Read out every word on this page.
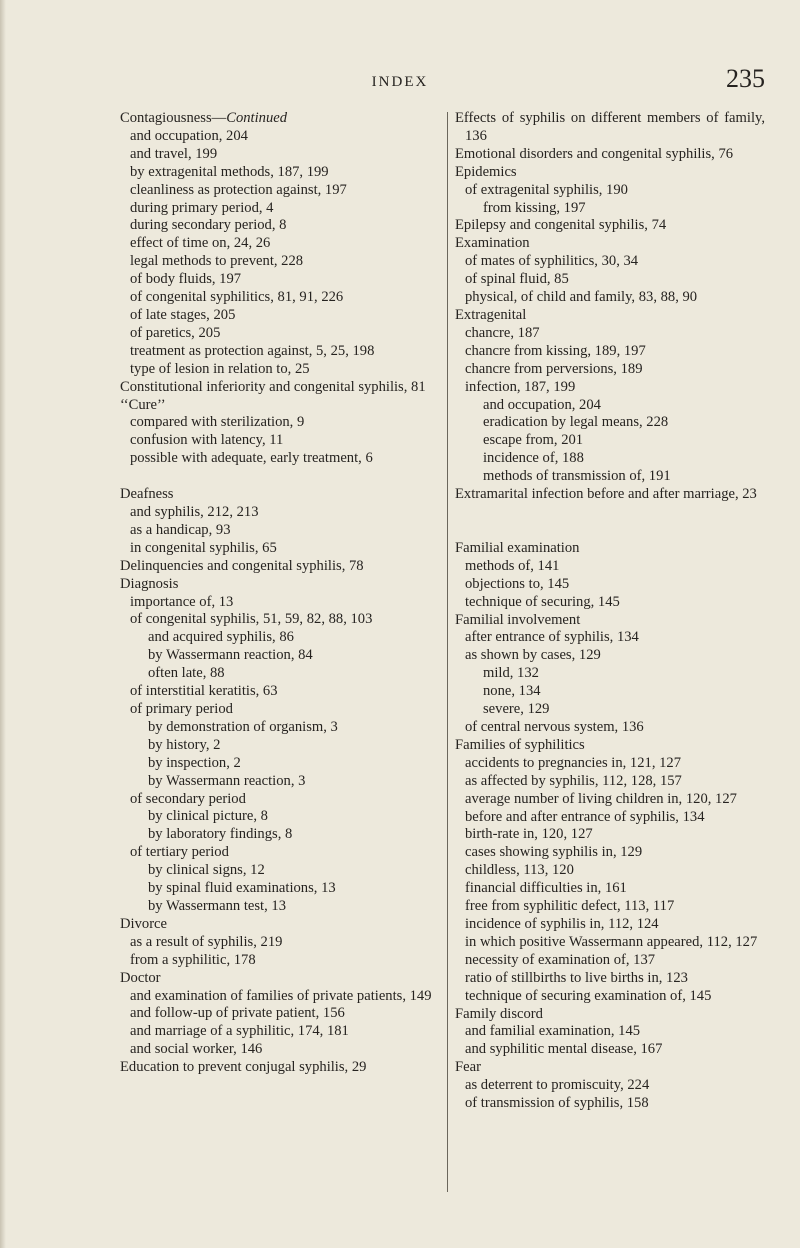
INDEX	235
Contagiousness—Continued
and occupation, 204
and travel, 199
by extragenital methods, 187, 199
cleanliness as protection against, 197
during primary period, 4
during secondary period, 8
effect of time on, 24, 26
legal methods to prevent, 228
of body fluids, 197
of congenital syphilitics, 81, 91, 226
of late stages, 205
of paretics, 205
treatment as protection against, 5, 25, 198
type of lesion in relation to, 25
Constitutional inferiority and congenital syphilis, 81
‘‘Cure’’
compared with sterilization, 9
confusion with latency, 11
possible with adequate, early treatment, 6
Deafness
and syphilis, 212, 213
as a handicap, 93
in congenital syphilis, 65
Delinquencies and congenital syphilis, 78
Diagnosis
importance of, 13
of congenital syphilis, 51, 59, 82, 88, 103
and acquired syphilis, 86
by Wassermann reaction, 84
often late, 88
of interstitial keratitis, 63
of primary period
by demonstration of organism, 3
by history, 2
by inspection, 2
by Wassermann reaction, 3
of secondary period
by clinical picture, 8
by laboratory findings, 8
of tertiary period
by clinical signs, 12
by spinal fluid examinations, 13
by Wassermann test, 13
Divorce
as a result of syphilis, 219
from a syphilitic, 178
Doctor
and examination of families of private patients, 149
and follow-up of private patient, 156
and marriage of a syphilitic, 174, 181
and social worker, 146
Education to prevent conjugal syphilis, 29
Effects of syphilis on different members of family, 136
Emotional disorders and congenital syphilis, 76
Epidemics
of extragenital syphilis, 190
from kissing, 197
Epilepsy and congenital syphilis, 74
Examination
of mates of syphilitics, 30, 34
of spinal fluid, 85
physical, of child and family, 83, 88, 90
Extragenital
chancre, 187
chancre from kissing, 189, 197
chancre from perversions, 189
infection, 187, 199
and occupation, 204
eradication by legal means, 228
escape from, 201
incidence of, 188
methods of transmission of, 191
Extramarital infection before and after marriage, 23
Familial examination
methods of, 141
objections to, 145
technique of securing, 145
Familial involvement
after entrance of syphilis, 134
as shown by cases, 129
mild, 132
none, 134
severe, 129
of central nervous system, 136
Families of syphilitics
accidents to pregnancies in, 121, 127
as affected by syphilis, 112, 128, 157
average number of living children in, 120, 127
before and after entrance of syphilis, 134
birth-rate in, 120, 127
cases showing syphilis in, 129
childless, 113, 120
financial difficulties in, 161
free from syphilitic defect, 113, 117
incidence of syphilis in, 112, 124
in which positive Wassermann appeared, 112, 127
necessity of examination of, 137
ratio of stillbirths to live births in, 123
technique of securing examination of, 145
Family discord
and familial examination, 145
and syphilitic mental disease, 167
Fear
as deterrent to promiscuity, 224
of transmission of syphilis, 158
